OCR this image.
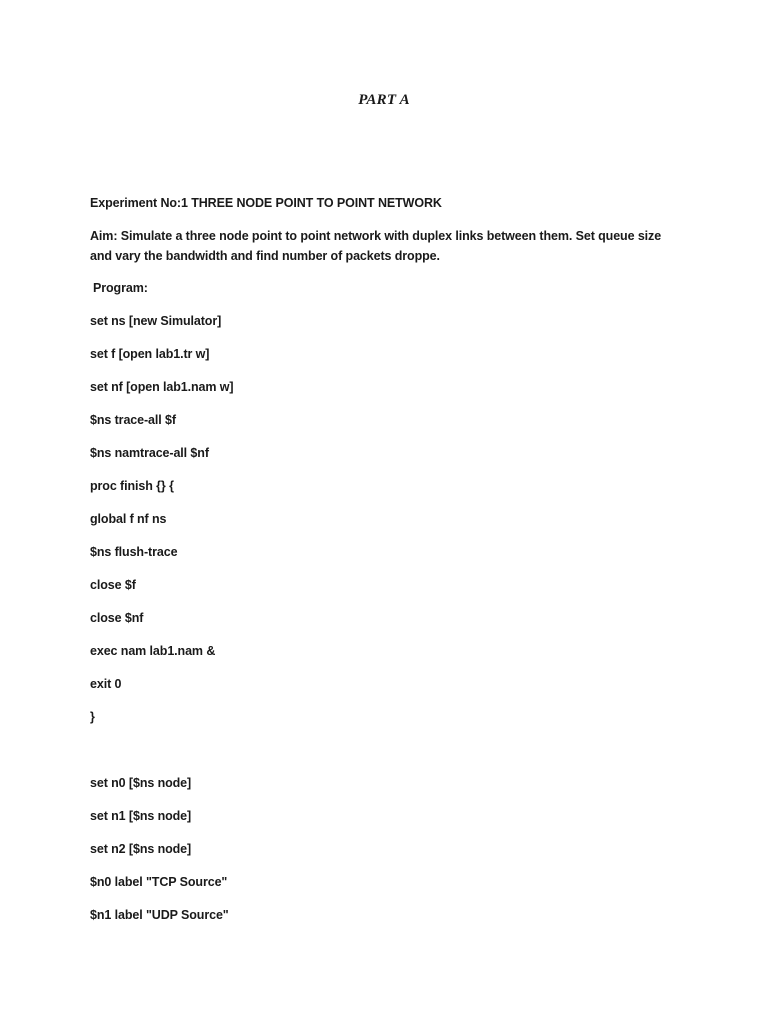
PART A
Experiment No:1 THREE NODE POINT TO POINT NETWORK
Aim: Simulate a three node point to point network with duplex links between them. Set queue size and vary the bandwidth and find number of packets droppe.
Program:
set ns [new Simulator]
set f [open lab1.tr w]
set nf [open lab1.nam w]
$ns trace-all $f
$ns namtrace-all $nf
proc finish {} {
global f nf ns
$ns flush-trace
close $f
close $nf
exec nam lab1.nam &
exit 0
}
set n0 [$ns node]
set n1 [$ns node]
set n2 [$ns node]
$n0 label "TCP Source"
$n1 label "UDP Source"
